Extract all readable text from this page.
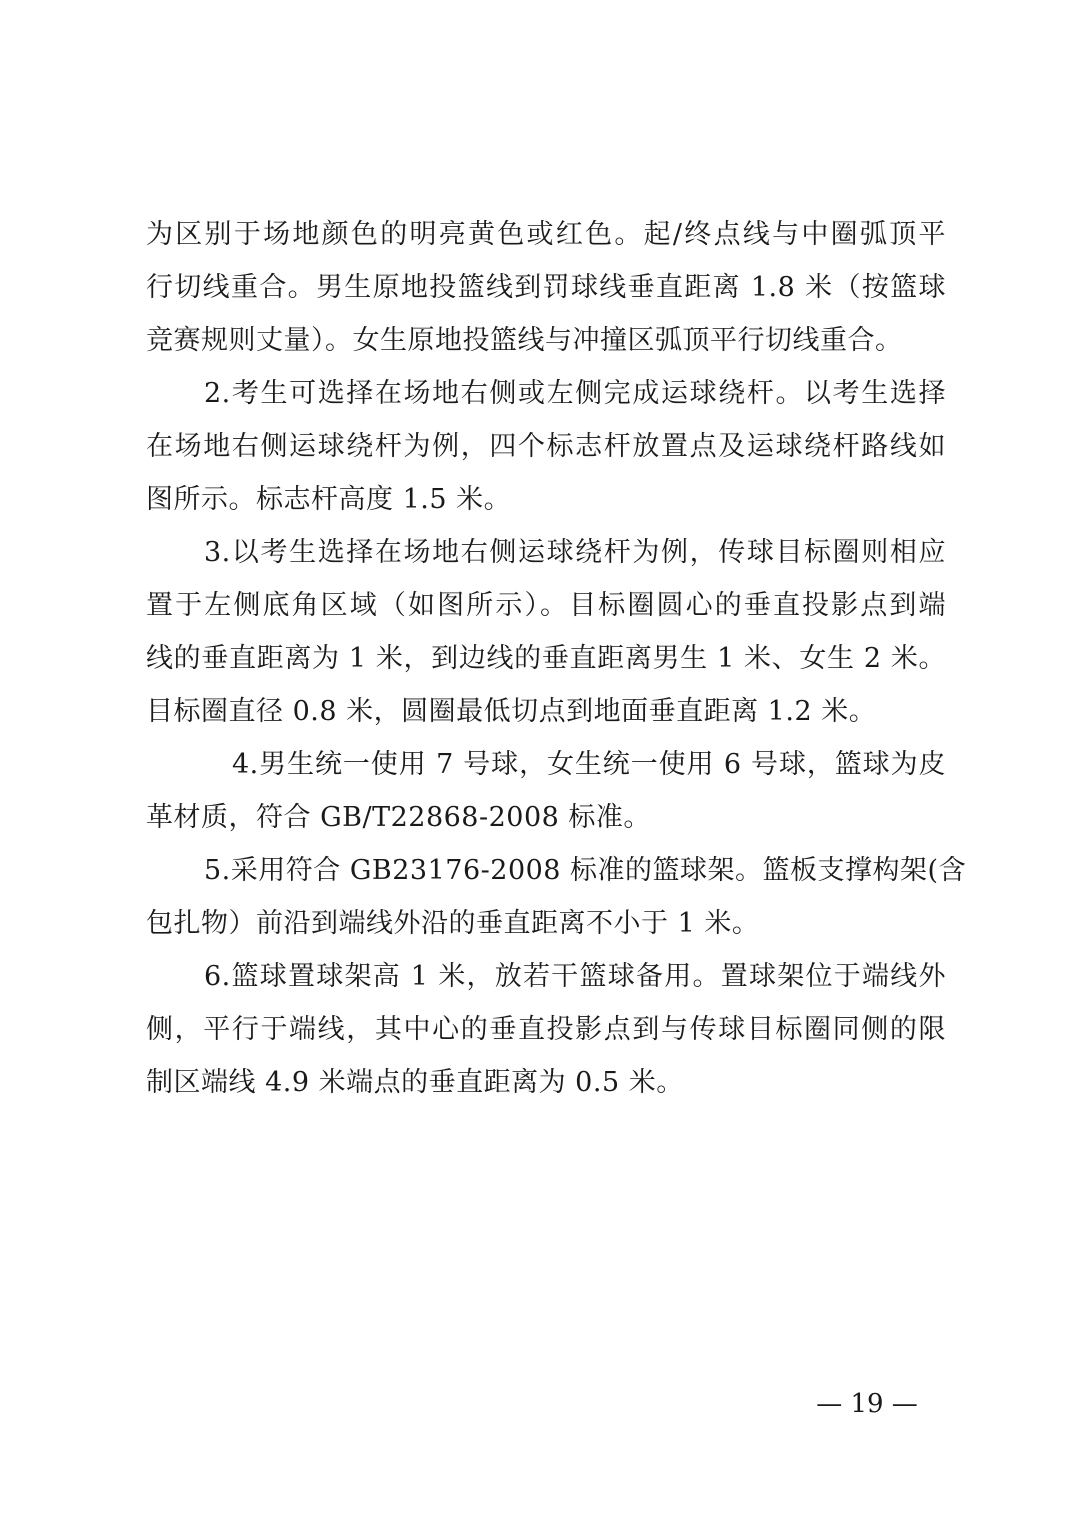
为区别于场地颜色的明亮黄色或红色。起/终点线与中圈弧顶平
行切线重合。男生原地投篮线到罚球线垂直距离 1.8 米（按篮球
竞赛规则丈量）。女生原地投篮线与冲撞区弧顶平行切线重合。
2.考生可选择在场地右侧或左侧完成运球绕杆。以考生选择
在场地右侧运球绕杆为例，四个标志杆放置点及运球绕杆路线如
图所示。标志杆高度 1.5 米。
3.以考生选择在场地右侧运球绕杆为例，传球目标圈则相应
置于左侧底角区域（如图所示）。目标圈圆心的垂直投影点到端
线的垂直距离为 1 米，到边线的垂直距离男生 1 米、女生 2 米。
目标圈直径 0.8 米，圆圈最低切点到地面垂直距离 1.2 米。
4.男生统一使用 7 号球，女生统一使用 6 号球，篮球为皮
革材质，符合 GB/T22868-2008 标准。
5.采用符合 GB23176-2008 标准的篮球架。篮板支撑构架(含
包扎物）前沿到端线外沿的垂直距离不小于 1 米。
6.篮球置球架高 1 米，放若干篮球备用。置球架位于端线外
侧，平行于端线，其中心的垂直投影点到与传球目标圈同侧的限
制区端线 4.9 米端点的垂直距离为 0.5 米。
— 19 —
